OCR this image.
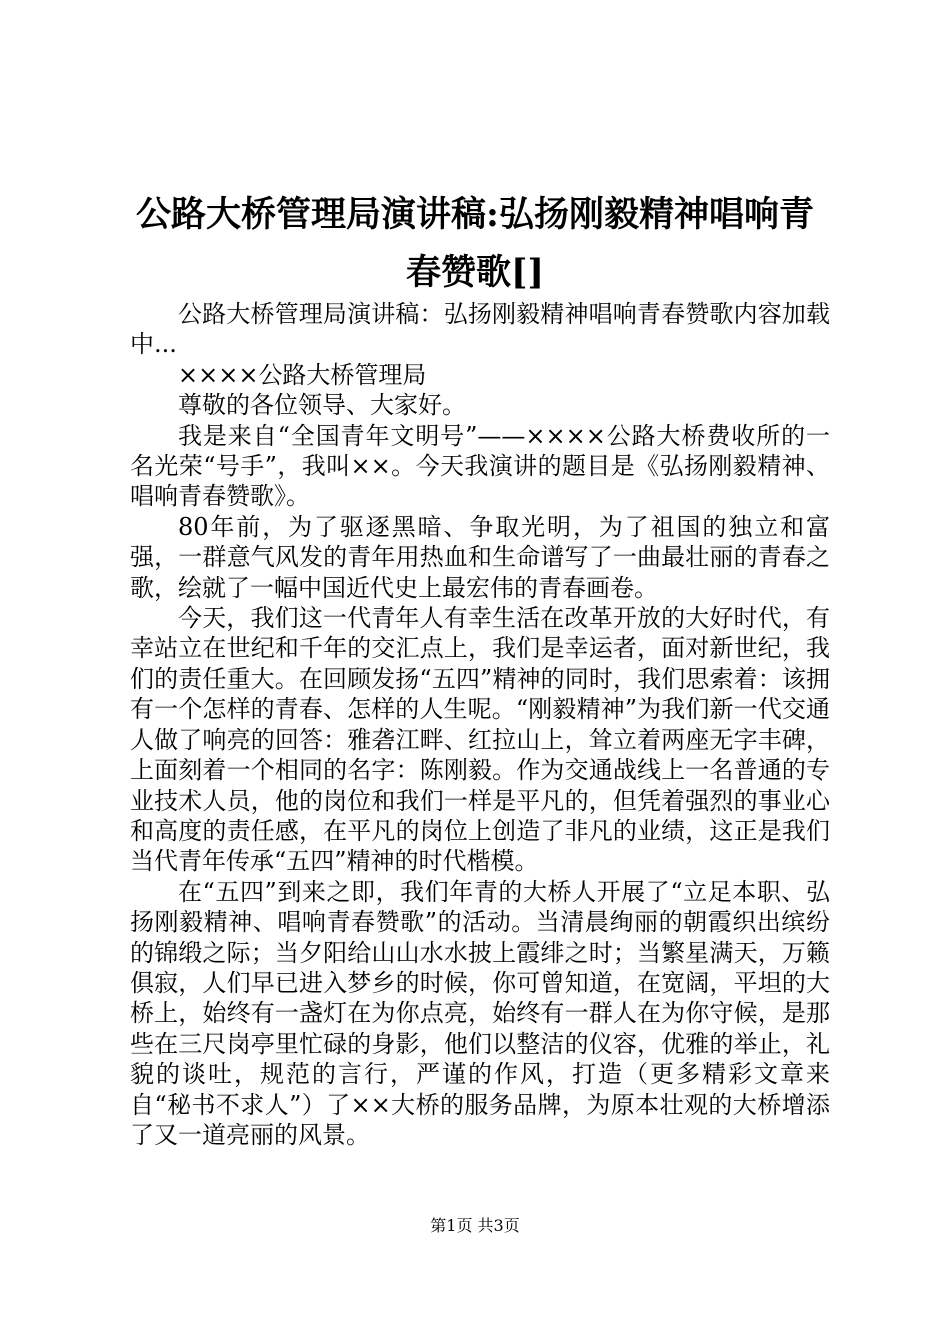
公路大桥管理局演讲稿:弘扬刚毅精神唱响青春赞歌[]

公路大桥管理局演讲稿：弘扬刚毅精神唱响青春赞歌内容加载中...

××××公路大桥管理局

尊敬的各位领导、大家好。

我是来自“全国青年文明号”——××××公路大桥费收所的一名光荣“号手”，我叫××。今天我演讲的题目是《弘扬刚毅精神、唱响青春赞歌》。

80年前，为了驱逐黑暗、争取光明，为了祖国的独立和富强，一群意气风发的青年用热血和生命谱写了一曲最壮丽的青春之歌，绘就了一幅中国近代史上最宏伟的青春画卷。

今天，我们这一代青年人有幸生活在改革开放的大好时代，有幸站立在世纪和千年的交汇点上，我们是幸运者，面对新世纪，我们的责任重大。在回顾发扬“五四”精神的同时，我们思索着：该拥有一个怎样的青春、怎样的人生呢。“刚毅精神”为我们新一代交通人做了响亮的回答：雅砻江畔、红拉山上，耸立着两座无字丰碑，上面刻着一个相同的名字：陈刚毅。作为交通战线上一名普通的专业技术人员，他的岗位和我们一样是平凡的，但凭着强烈的事业心和高度的责任感，在平凡的岗位上创造了非凡的业绩，这正是我们当代青年传承“五四”精神的时代楷模。

在“五四”到来之即，我们年青的大桥人开展了“立足本职、弘扬刚毅精神、唱响青春赞歌”的活动。当清晨绚丽的朝霞织出缤纷的锦缎之际；当夕阳给山山水水披上霞绯之时；当繁星满天，万籁俱寂，人们早已进入梦乡的时候，你可曾知道，在宽阔，平坦的大桥上，始终有一盏灯在为你点亮，始终有一群人在为你守候，是那些在三尺岗亭里忙碌的身影，他们以整洁的仪容，优雅的举止，礼貌的谈吐，规范的言行，严谨的作风，打造（更多精彩文章来自“秘书不求人”）了××大桥的服务品牌，为原本壮观的大桥增添了又一道亮丽的风景。

第1页 共3页
